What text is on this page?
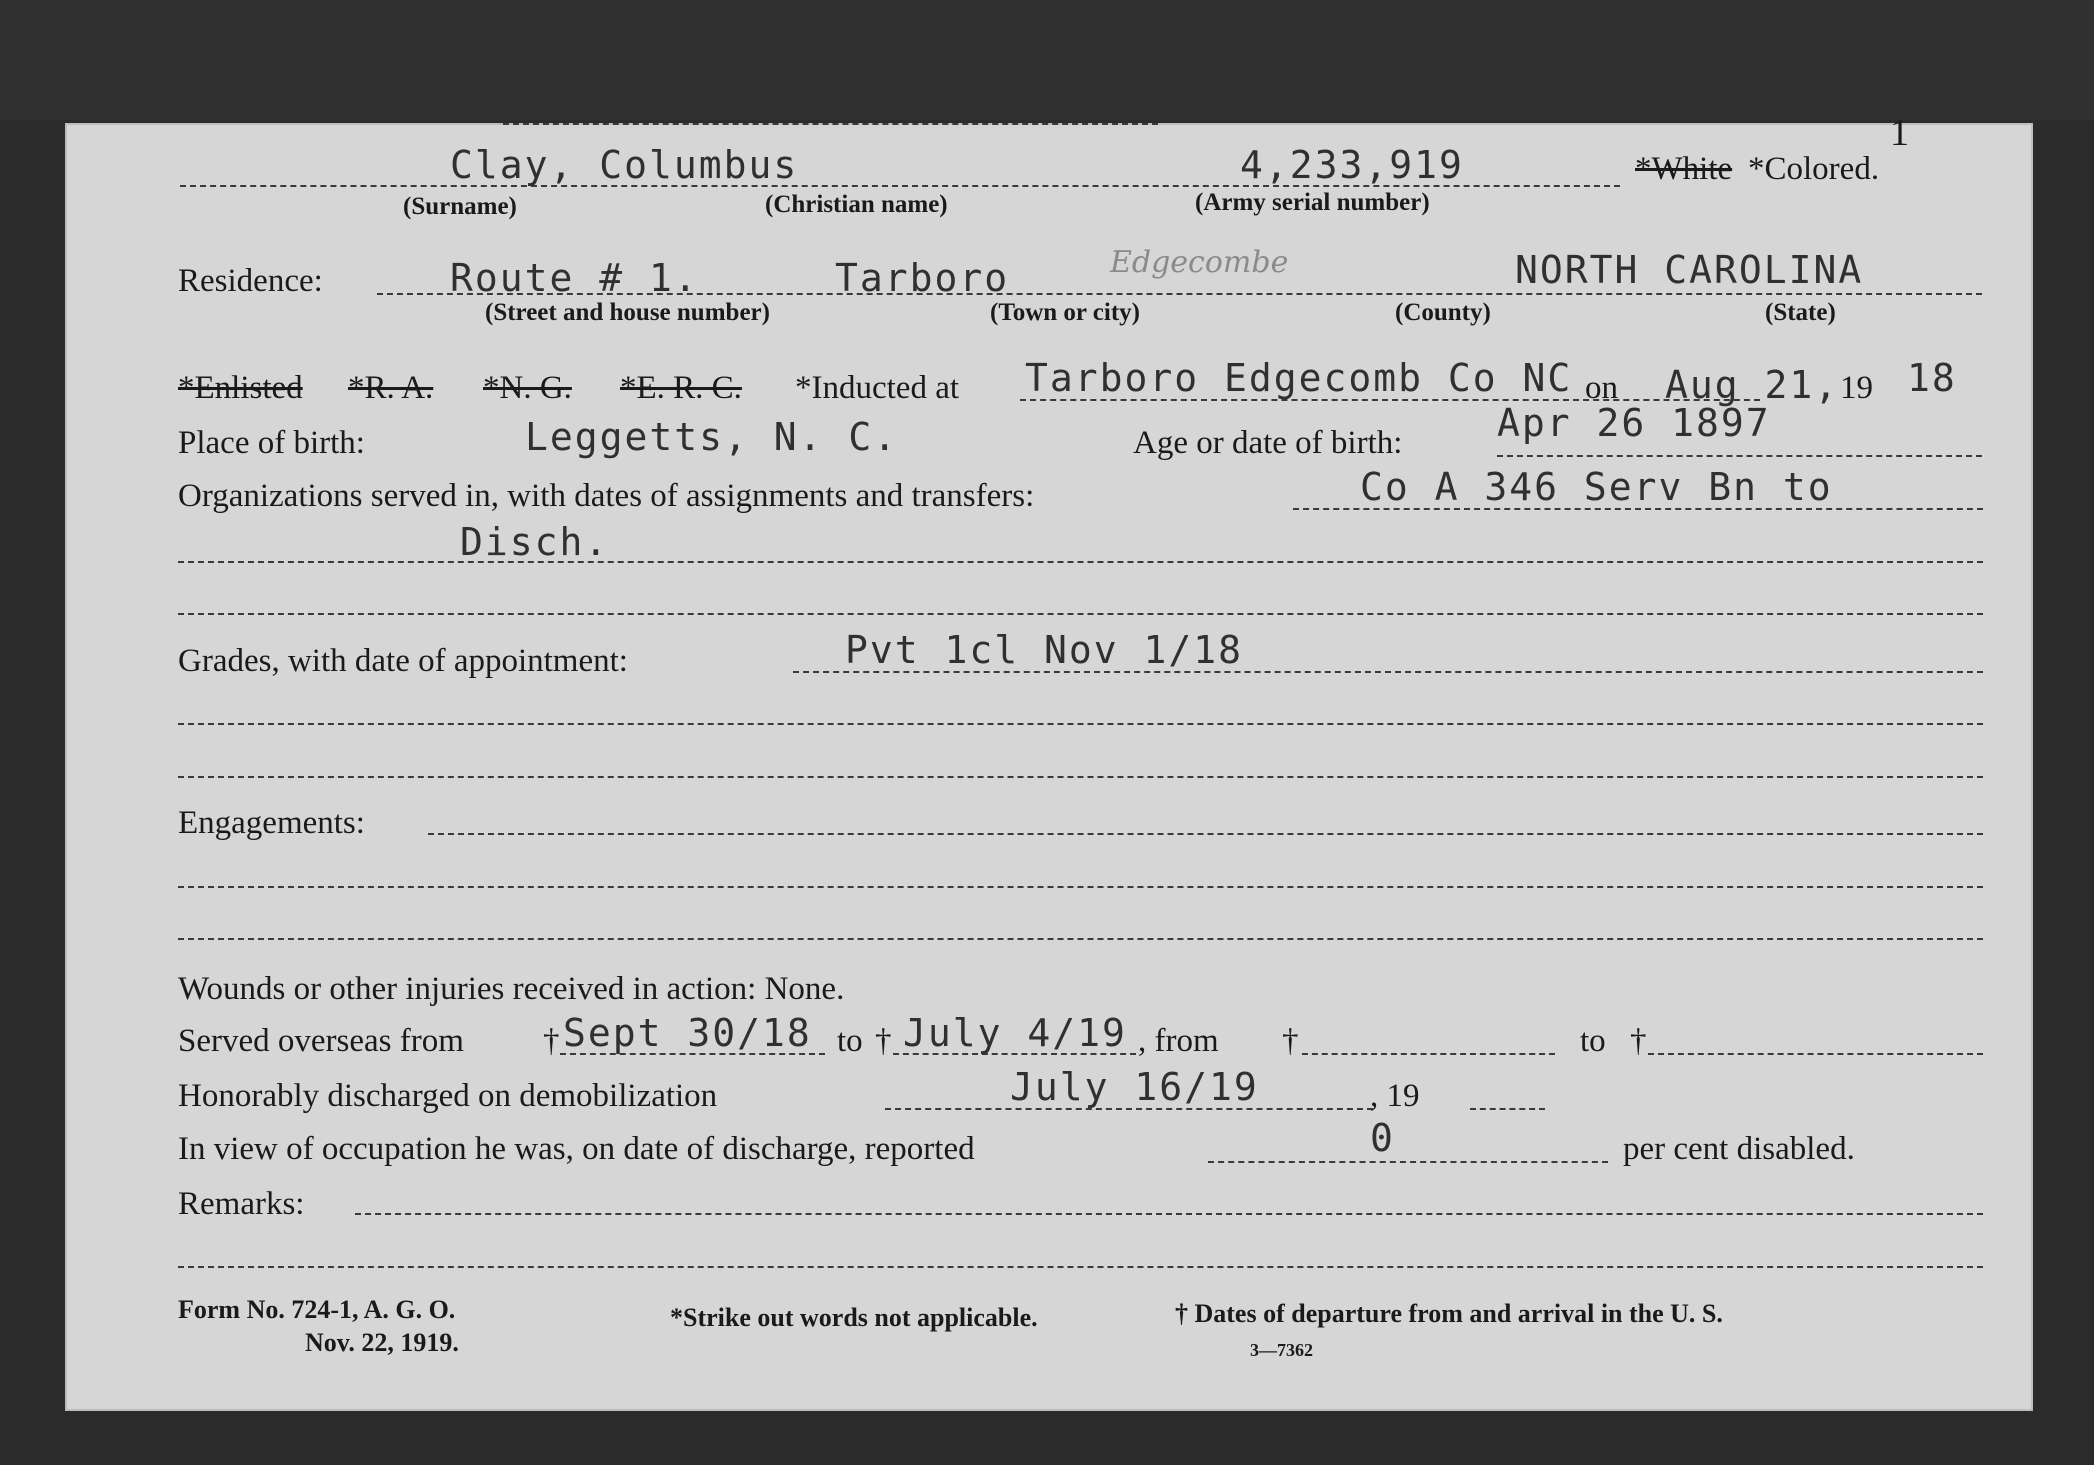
1
Clay, Columbus	4,233,919	*White *Colored.
(Surname)	(Christian name)	(Army serial number)
Residence:	Route # 1.	Tarboro	Edgecombe	NORTH CAROLINA
(Street and house number)	(Town or city)	(County)	(State)
*Enlisted *R. A. *N. G. *E. R. C. *Inducted at Tarboro Edgecomb Co NC on Aug 21, 19 18
Place of birth:	Leggetts, N. C.	Age or date of birth: Apr 26 1897
Organizations served in, with dates of assignments and transfers:	Co A 346 Serv Bn to
Disch.
Grades, with date of appointment:	Pvt 1cl Nov 1/18
Engagements:
Wounds or other injuries received in action: None.
Served overseas from † Sept 30/18 to † July 4/19 , from †	to †
Honorably discharged on demobilization	July 16/19	, 19
In view of occupation he was, on date of discharge, reported	0	per cent disabled.
Remarks:
Form No. 724-1, A. G. O.
Nov. 22, 1919.
*Strike out words not applicable.	† Dates of departure from and arrival in the U. S.
3—7362
